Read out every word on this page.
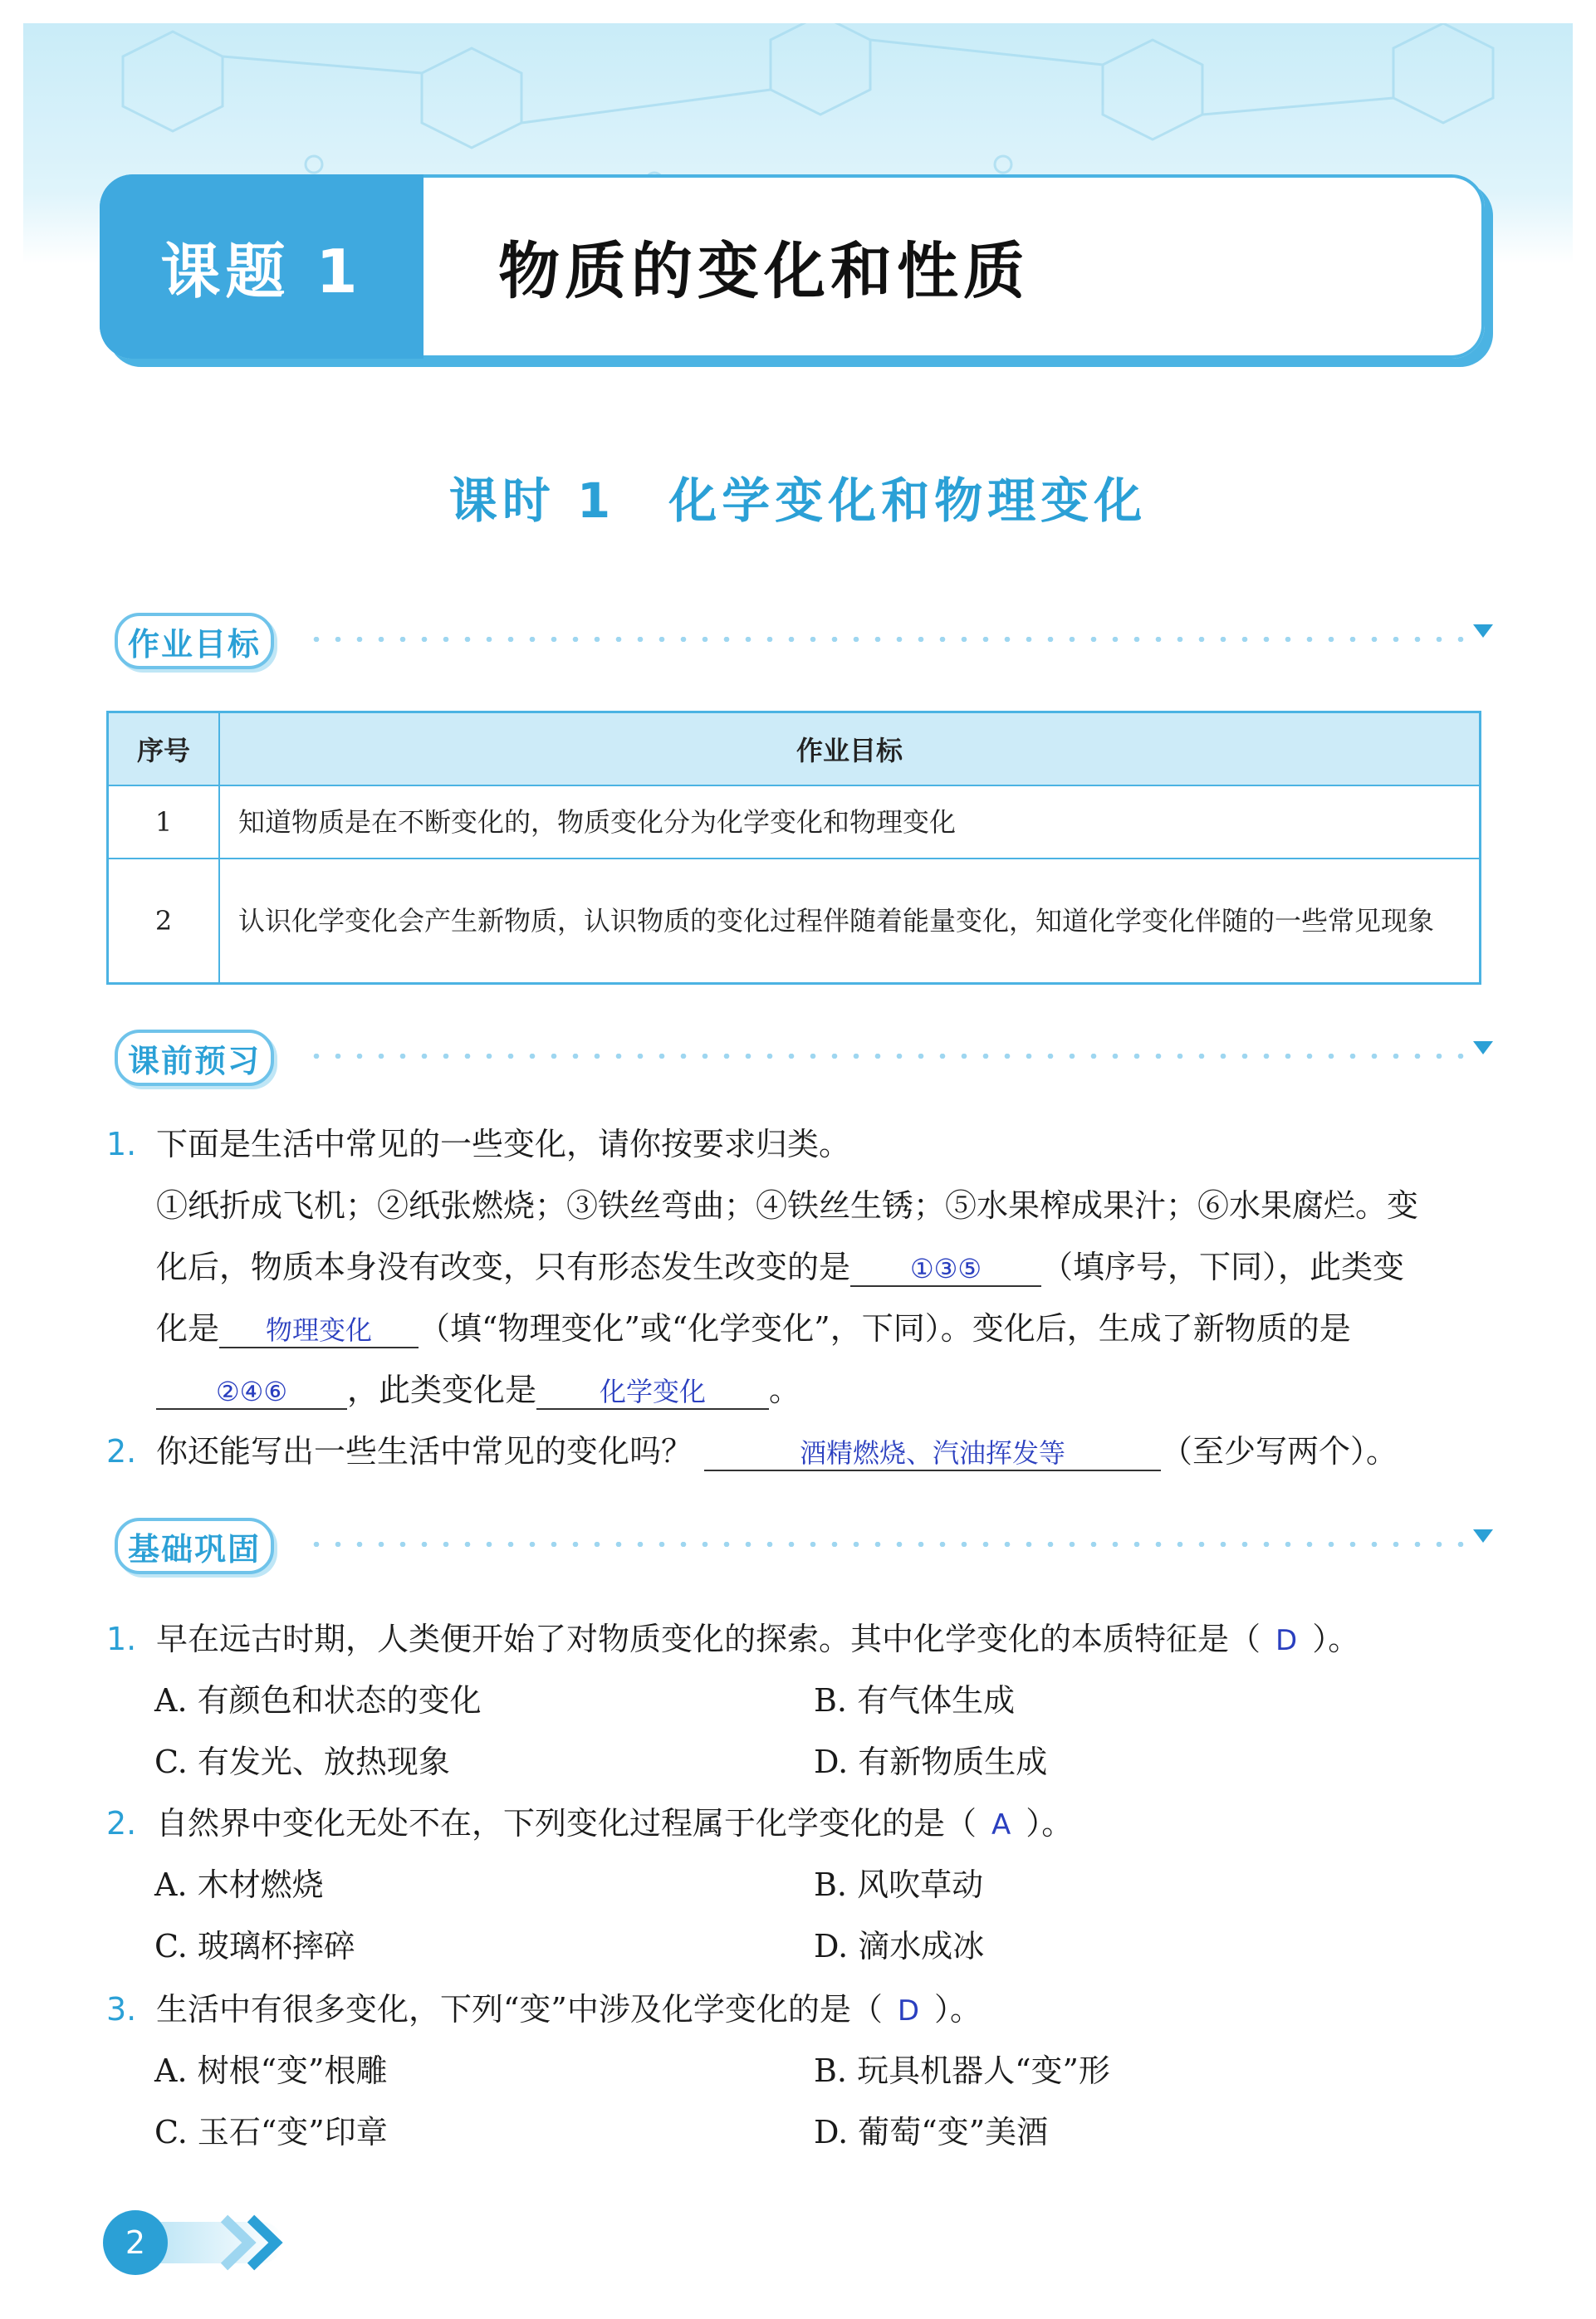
课题 1	物质的变化和性质
课时 1　化学变化和物理变化
作业目标
序号	作业目标
1	知道物质是在不断变化的，物质变化分为化学变化和物理变化
2	认识化学变化会产生新物质，认识物质的变化过程伴随着能量变化，知道化学变化伴随的一些常见现象
课前预习
1. 下面是生活中常见的一些变化，请你按要求归类。
①纸折成飞机；②纸张燃烧；③铁丝弯曲；④铁丝生锈；⑤水果榨成果汁；⑥水果腐烂。变
化后，物质本身没有改变，只有形态发生改变的是 ①③⑤ （填序号，下同），此类变
化是 物理变化 （填“物理变化”或“化学变化”，下同）。变化后，生成了新物质的是
②④⑥ ，此类变化是 化学变化 。
2. 你还能写出一些生活中常见的变化吗？	酒精燃烧、汽油挥发等	（至少写两个）。
基础巩固
1. 早在远古时期，人类便开始了对物质变化的探索。其中化学变化的本质特征是（ D ）。
A. 有颜色和状态的变化	B. 有气体生成
C. 有发光、放热现象	D. 有新物质生成
2. 自然界中变化无处不在，下列变化过程属于化学变化的是（ A ）。
A. 木材燃烧	B. 风吹草动
C. 玻璃杯摔碎	D. 滴水成冰
3. 生活中有很多变化，下列“变”中涉及化学变化的是（ D ）。
A. 树根“变”根雕	B. 玩具机器人“变”形
C. 玉石“变”印章	D. 葡萄“变”美酒
2
